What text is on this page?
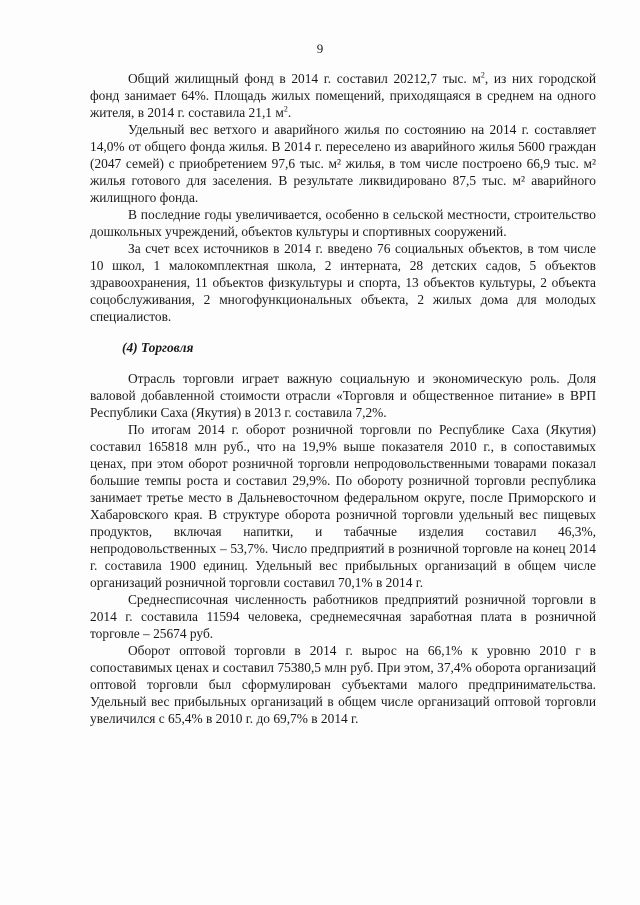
9

Общий жилищный фонд в 2014 г. составил 20212,7 тыс. $м^2$, из них городской фонд занимает 64%. Площадь жилых помещений, приходящаяся в среднем на одного жителя, в 2014 г. составила 21,1 $м^2$.

Удельный вес ветхого и аварийного жилья по состоянию на 2014 г. составляет 14,0% от общего фонда жилья. В 2014 г. переселено из аварийного жилья 5600 граждан (2047 семей) с приобретением 97,6 тыс. м² жилья, в том числе построено 66,9 тыс. м² жилья готового для заселения. В результате ликвидировано 87,5 тыс. м² аварийного жилищного фонда.

В последние годы увеличивается, особенно в сельской местности, строительство дошкольных учреждений, объектов культуры и спортивных сооружений.

За счет всех источников в 2014 г. введено 76 социальных объектов, в том числе 10 школ, 1 малокомплектная школа, 2 интерната, 28 детских садов, 5 объектов здравоохранения, 11 объектов физкультуры и спорта, 13 объектов культуры, 2 объекта соцобслуживания, 2 многофункциональных объекта, 2 жилых дома для молодых специалистов.

(4) Торговля

Отрасль торговли играет важную социальную и экономическую роль. Доля валовой добавленной стоимости отрасли «Торговля и общественное питание» в ВРП Республики Саха (Якутия) в 2013 г. составила 7,2%.

По итогам 2014 г. оборот розничной торговли по Республике Саха (Якутия) составил 165818 млн руб., что на 19,9% выше показателя 2010 г., в сопоставимых ценах, при этом оборот розничной торговли непродовольственными товарами показал большие темпы роста и составил 29,9%. По обороту розничной торговли республика занимает третье место в Дальневосточном федеральном округе, после Приморского и Хабаровского края. В структуре оборота розничной торговли удельный вес пищевых продуктов, включая напитки, и табачные изделия составил 46,3%, непродовольственных – 53,7%. Число предприятий в розничной торговле на конец 2014 г. составила 1900 единиц. Удельный вес прибыльных организаций в общем числе организаций розничной торговли составил 70,1% в 2014 г.

Среднесписочная численность работников предприятий розничной торговли в 2014 г. составила 11594 человека, среднемесячная заработная плата в розничной торговле – 25674 руб.

Оборот оптовой торговли в 2014 г. вырос на 66,1% к уровню 2010 г в сопоставимых ценах и составил 75380,5 млн руб. При этом, 37,4% оборота организаций оптовой торговли был сформулирован субъектами малого предпринимательства. Удельный вес прибыльных организаций в общем числе организаций оптовой торговли увеличился с 65,4% в 2010 г. до 69,7% в 2014 г.
